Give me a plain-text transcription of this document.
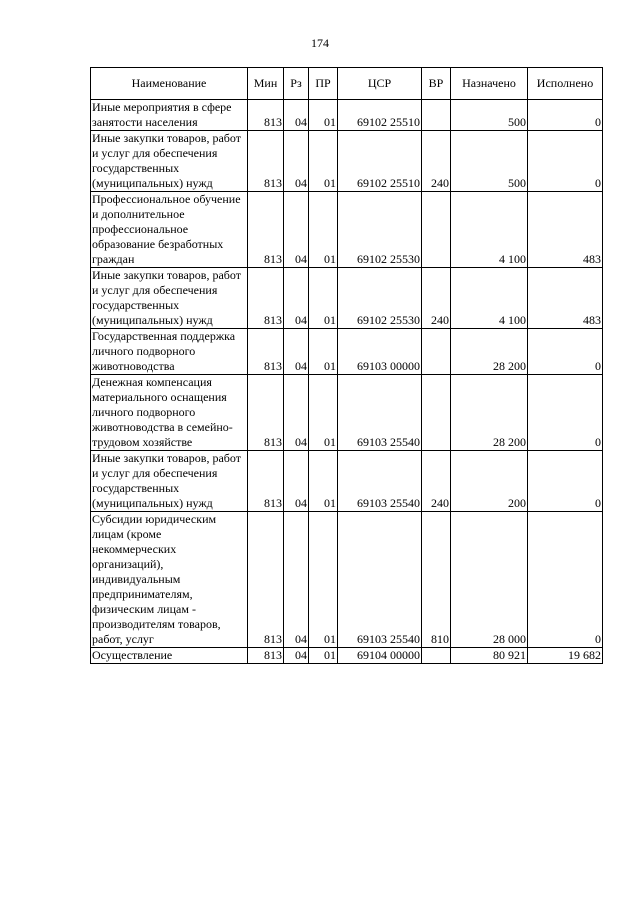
174
Наименование	Мин	Рз	ПР	ЦСР	ВР	Назначено	Исполнено
Иные мероприятия в сфере занятости населения	813	04	01	69102 25510		500	0
Иные закупки товаров, работ и услуг для обеспечения государственных (муниципальных) нужд	813	04	01	69102 25510	240	500	0
Профессиональное обучение и дополнительное профессиональное образование безработных граждан	813	04	01	69102 25530		4 100	483
Иные закупки товаров, работ и услуг для обеспечения государственных (муниципальных) нужд	813	04	01	69102 25530	240	4 100	483
Государственная поддержка личного подворного животноводства	813	04	01	69103 00000		28 200	0
Денежная компенсация материального оснащения личного подворного животноводства в семейно-трудовом хозяйстве	813	04	01	69103 25540		28 200	0
Иные закупки товаров, работ и услуг для обеспечения государственных (муниципальных) нужд	813	04	01	69103 25540	240	200	0
Субсидии юридическим лицам (кроме некоммерческих организаций), индивидуальным предпринимателям, физическим лицам - производителям товаров, работ, услуг	813	04	01	69103 25540	810	28 000	0
Осуществление	813	04	01	69104 00000		80 921	19 682
